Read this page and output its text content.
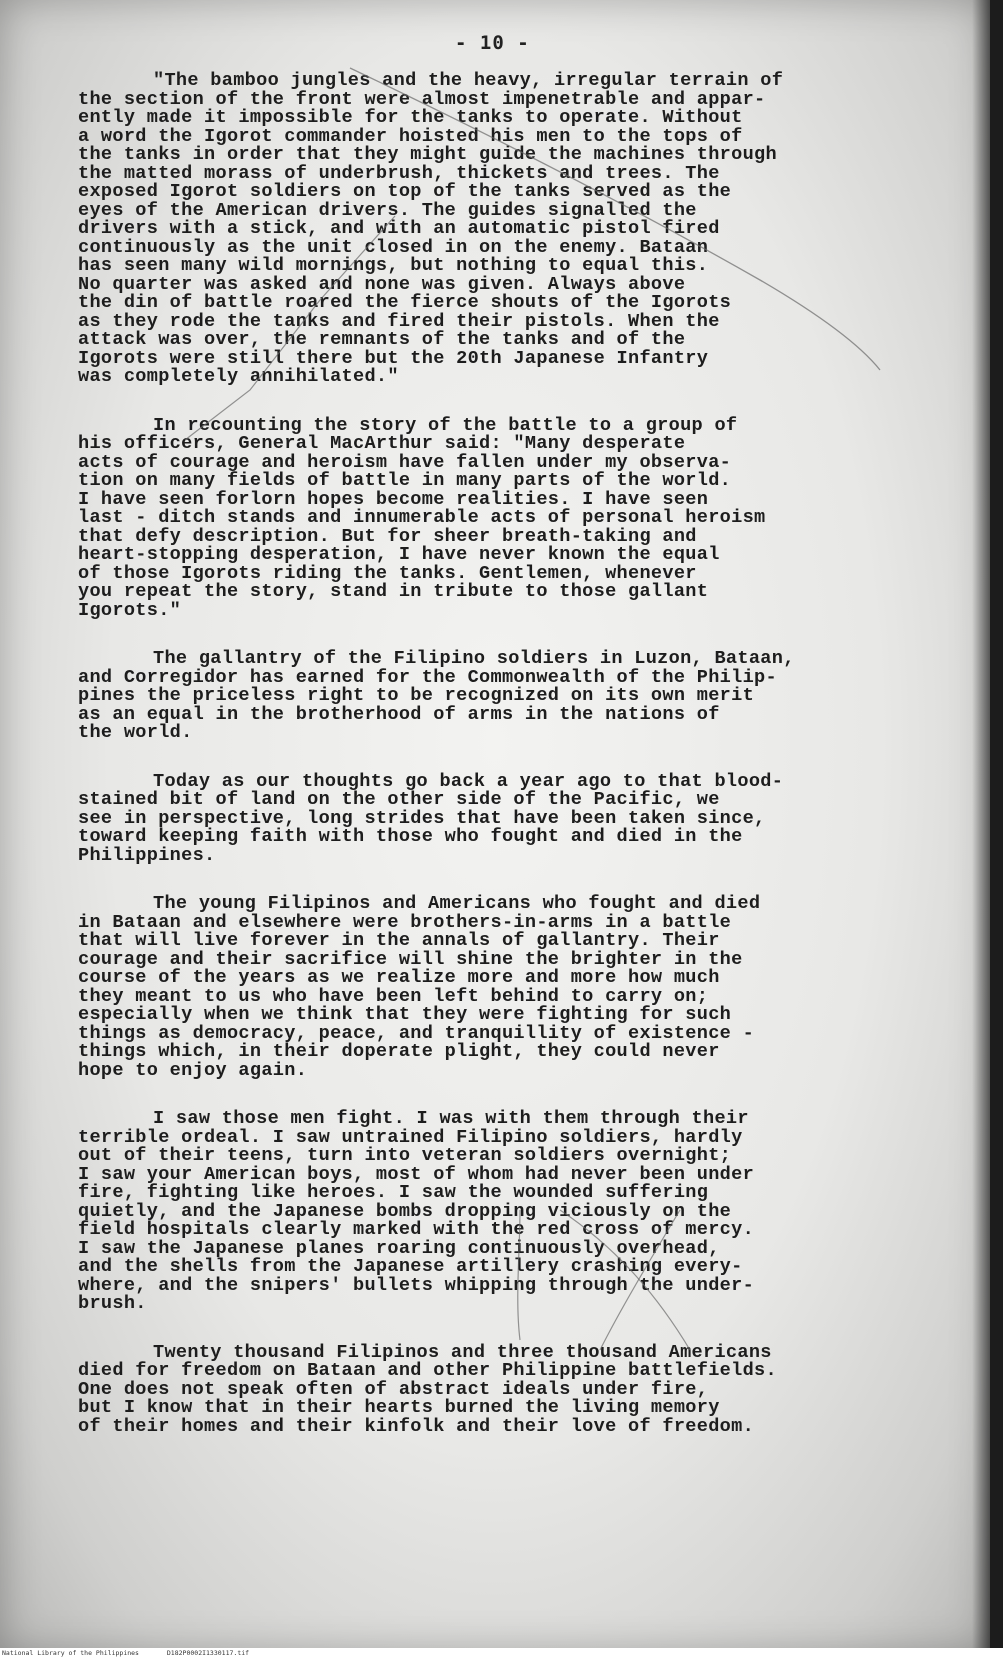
- 10 -
"The bamboo jungles and the heavy, irregular terrain of
the section of the front were almost impenetrable and appar-
ently made it impossible for the tanks to operate. Without
a word the Igorot commander hoisted his men to the tops of
the tanks in order that they might guide the machines through
the matted morass of underbrush, thickets and trees. The
exposed Igorot soldiers on top of the tanks served as the
eyes of the American drivers. The guides signalled the
drivers with a stick, and with an automatic pistol fired
continuously as the unit closed in on the enemy. Bataan
has seen many wild mornings, but nothing to equal this.
No quarter was asked and none was given. Always above
the din of battle roared the fierce shouts of the Igorots
as they rode the tanks and fired their pistols. When the
attack was over, the remnants of the tanks and of the
Igorots were still there but the 20th Japanese Infantry
was completely annihilated."
In recounting the story of the battle to a group of
his officers, General MacArthur said: "Many desperate
acts of courage and heroism have fallen under my observa-
tion on many fields of battle in many parts of the world.
I have seen forlorn hopes become realities. I have seen
last - ditch stands and innumerable acts of personal heroism
that defy description. But for sheer breath-taking and
heart-stopping desperation, I have never known the equal
of those Igorots riding the tanks. Gentlemen, whenever
you repeat the story, stand in tribute to those gallant
Igorots."
The gallantry of the Filipino soldiers in Luzon, Bataan,
and Corregidor has earned for the Commonwealth of the Philip-
pines the priceless right to be recognized on its own merit
as an equal in the brotherhood of arms in the nations of
the world.
Today as our thoughts go back a year ago to that blood-
stained bit of land on the other side of the Pacific, we
see in perspective, long strides that have been taken since,
toward keeping faith with those who fought and died in the
Philippines.
The young Filipinos and Americans who fought and died
in Bataan and elsewhere were brothers-in-arms in a battle
that will live forever in the annals of gallantry. Their
courage and their sacrifice will shine the brighter in the
course of the years as we realize more and more how much
they meant to us who have been left behind to carry on;
especially when we think that they were fighting for such
things as democracy, peace, and tranquillity of existence -
things which, in their doperate plight, they could never
hope to enjoy again.
I saw those men fight. I was with them through their
terrible ordeal. I saw untrained Filipino soldiers, hardly
out of their teens, turn into veteran soldiers overnight;
I saw your American boys, most of whom had never been under
fire, fighting like heroes. I saw the wounded suffering
quietly, and the Japanese bombs dropping viciously on the
field hospitals clearly marked with the red cross of mercy.
I saw the Japanese planes roaring continuously overhead,
and the shells from the Japanese artillery crashing every-
where, and the snipers' bullets whipping through the under-
brush.
Twenty thousand Filipinos and three thousand Americans
died for freedom on Bataan and other Philippine battlefields.
One does not speak often of abstract ideals under fire,
but I know that in their hearts burned the living memory
of their homes and their kinfolk and their love of freedom.
National Library of the Philippines	D182P0002I1330117.tif
